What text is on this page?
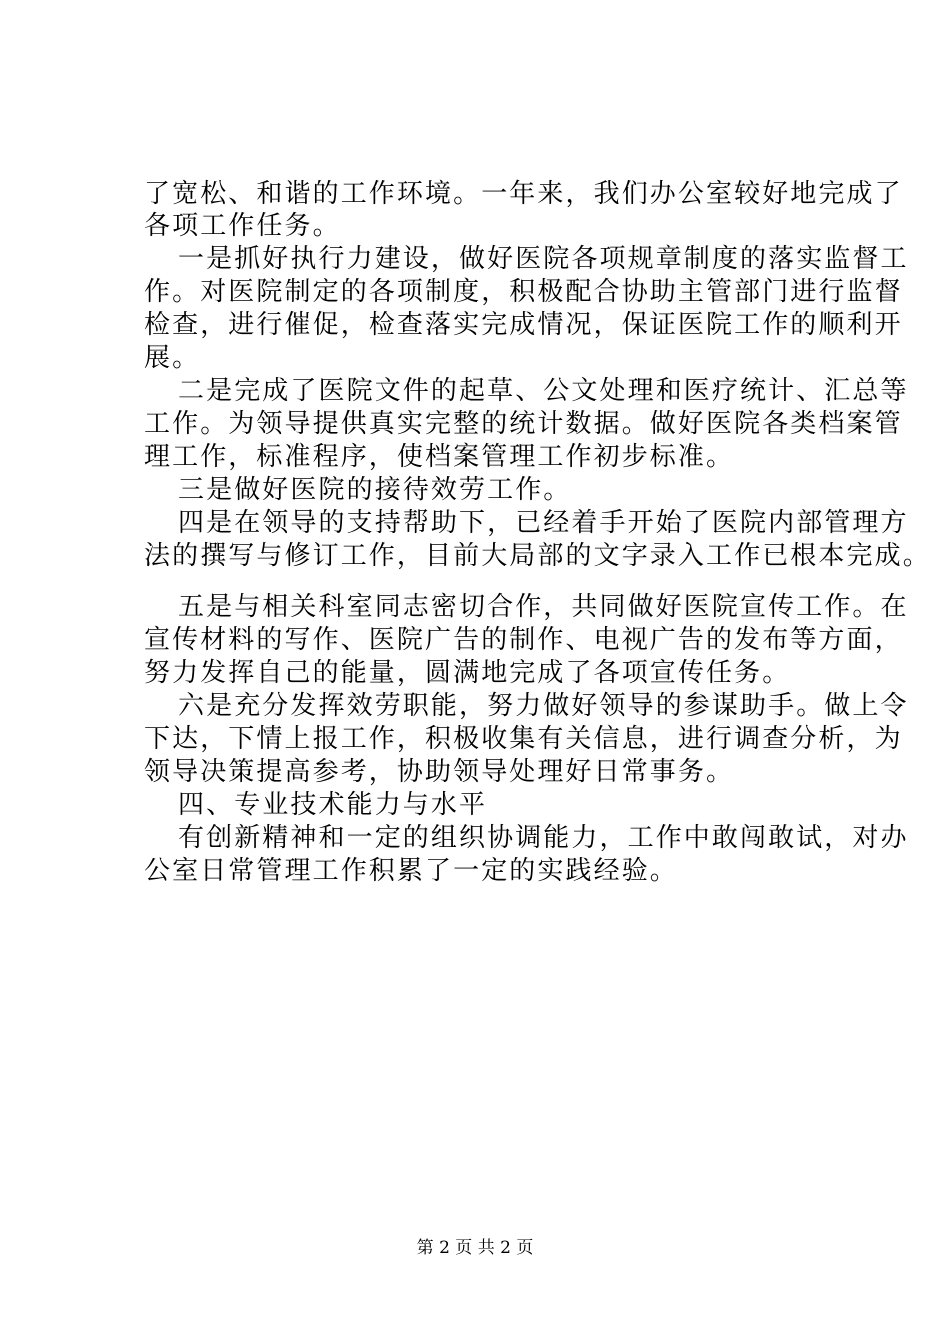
了宽松、和谐的工作环境。一年来，我们办公室较好地完成了
各项工作任务。
一是抓好执行力建设，做好医院各项规章制度的落实监督工
作。对医院制定的各项制度，积极配合协助主管部门进行监督
检查，进行催促，检查落实完成情况，保证医院工作的顺利开
展。
二是完成了医院文件的起草、公文处理和医疗统计、汇总等
工作。为领导提供真实完整的统计数据。做好医院各类档案管
理工作，标准程序，使档案管理工作初步标准。
三是做好医院的接待效劳工作。
四是在领导的支持帮助下，已经着手开始了医院内部管理方
法的撰写与修订工作，目前大局部的文字录入工作已根本完成。
五是与相关科室同志密切合作，共同做好医院宣传工作。在
宣传材料的写作、医院广告的制作、电视广告的发布等方面，
努力发挥自己的能量，圆满地完成了各项宣传任务。
六是充分发挥效劳职能，努力做好领导的参谋助手。做上令
下达，下情上报工作，积极收集有关信息，进行调查分析，为
领导决策提高参考，协助领导处理好日常事务。
四、专业技术能力与水平
有创新精神和一定的组织协调能力，工作中敢闯敢试，对办
公室日常管理工作积累了一定的实践经验。
第 2 页 共 2 页
